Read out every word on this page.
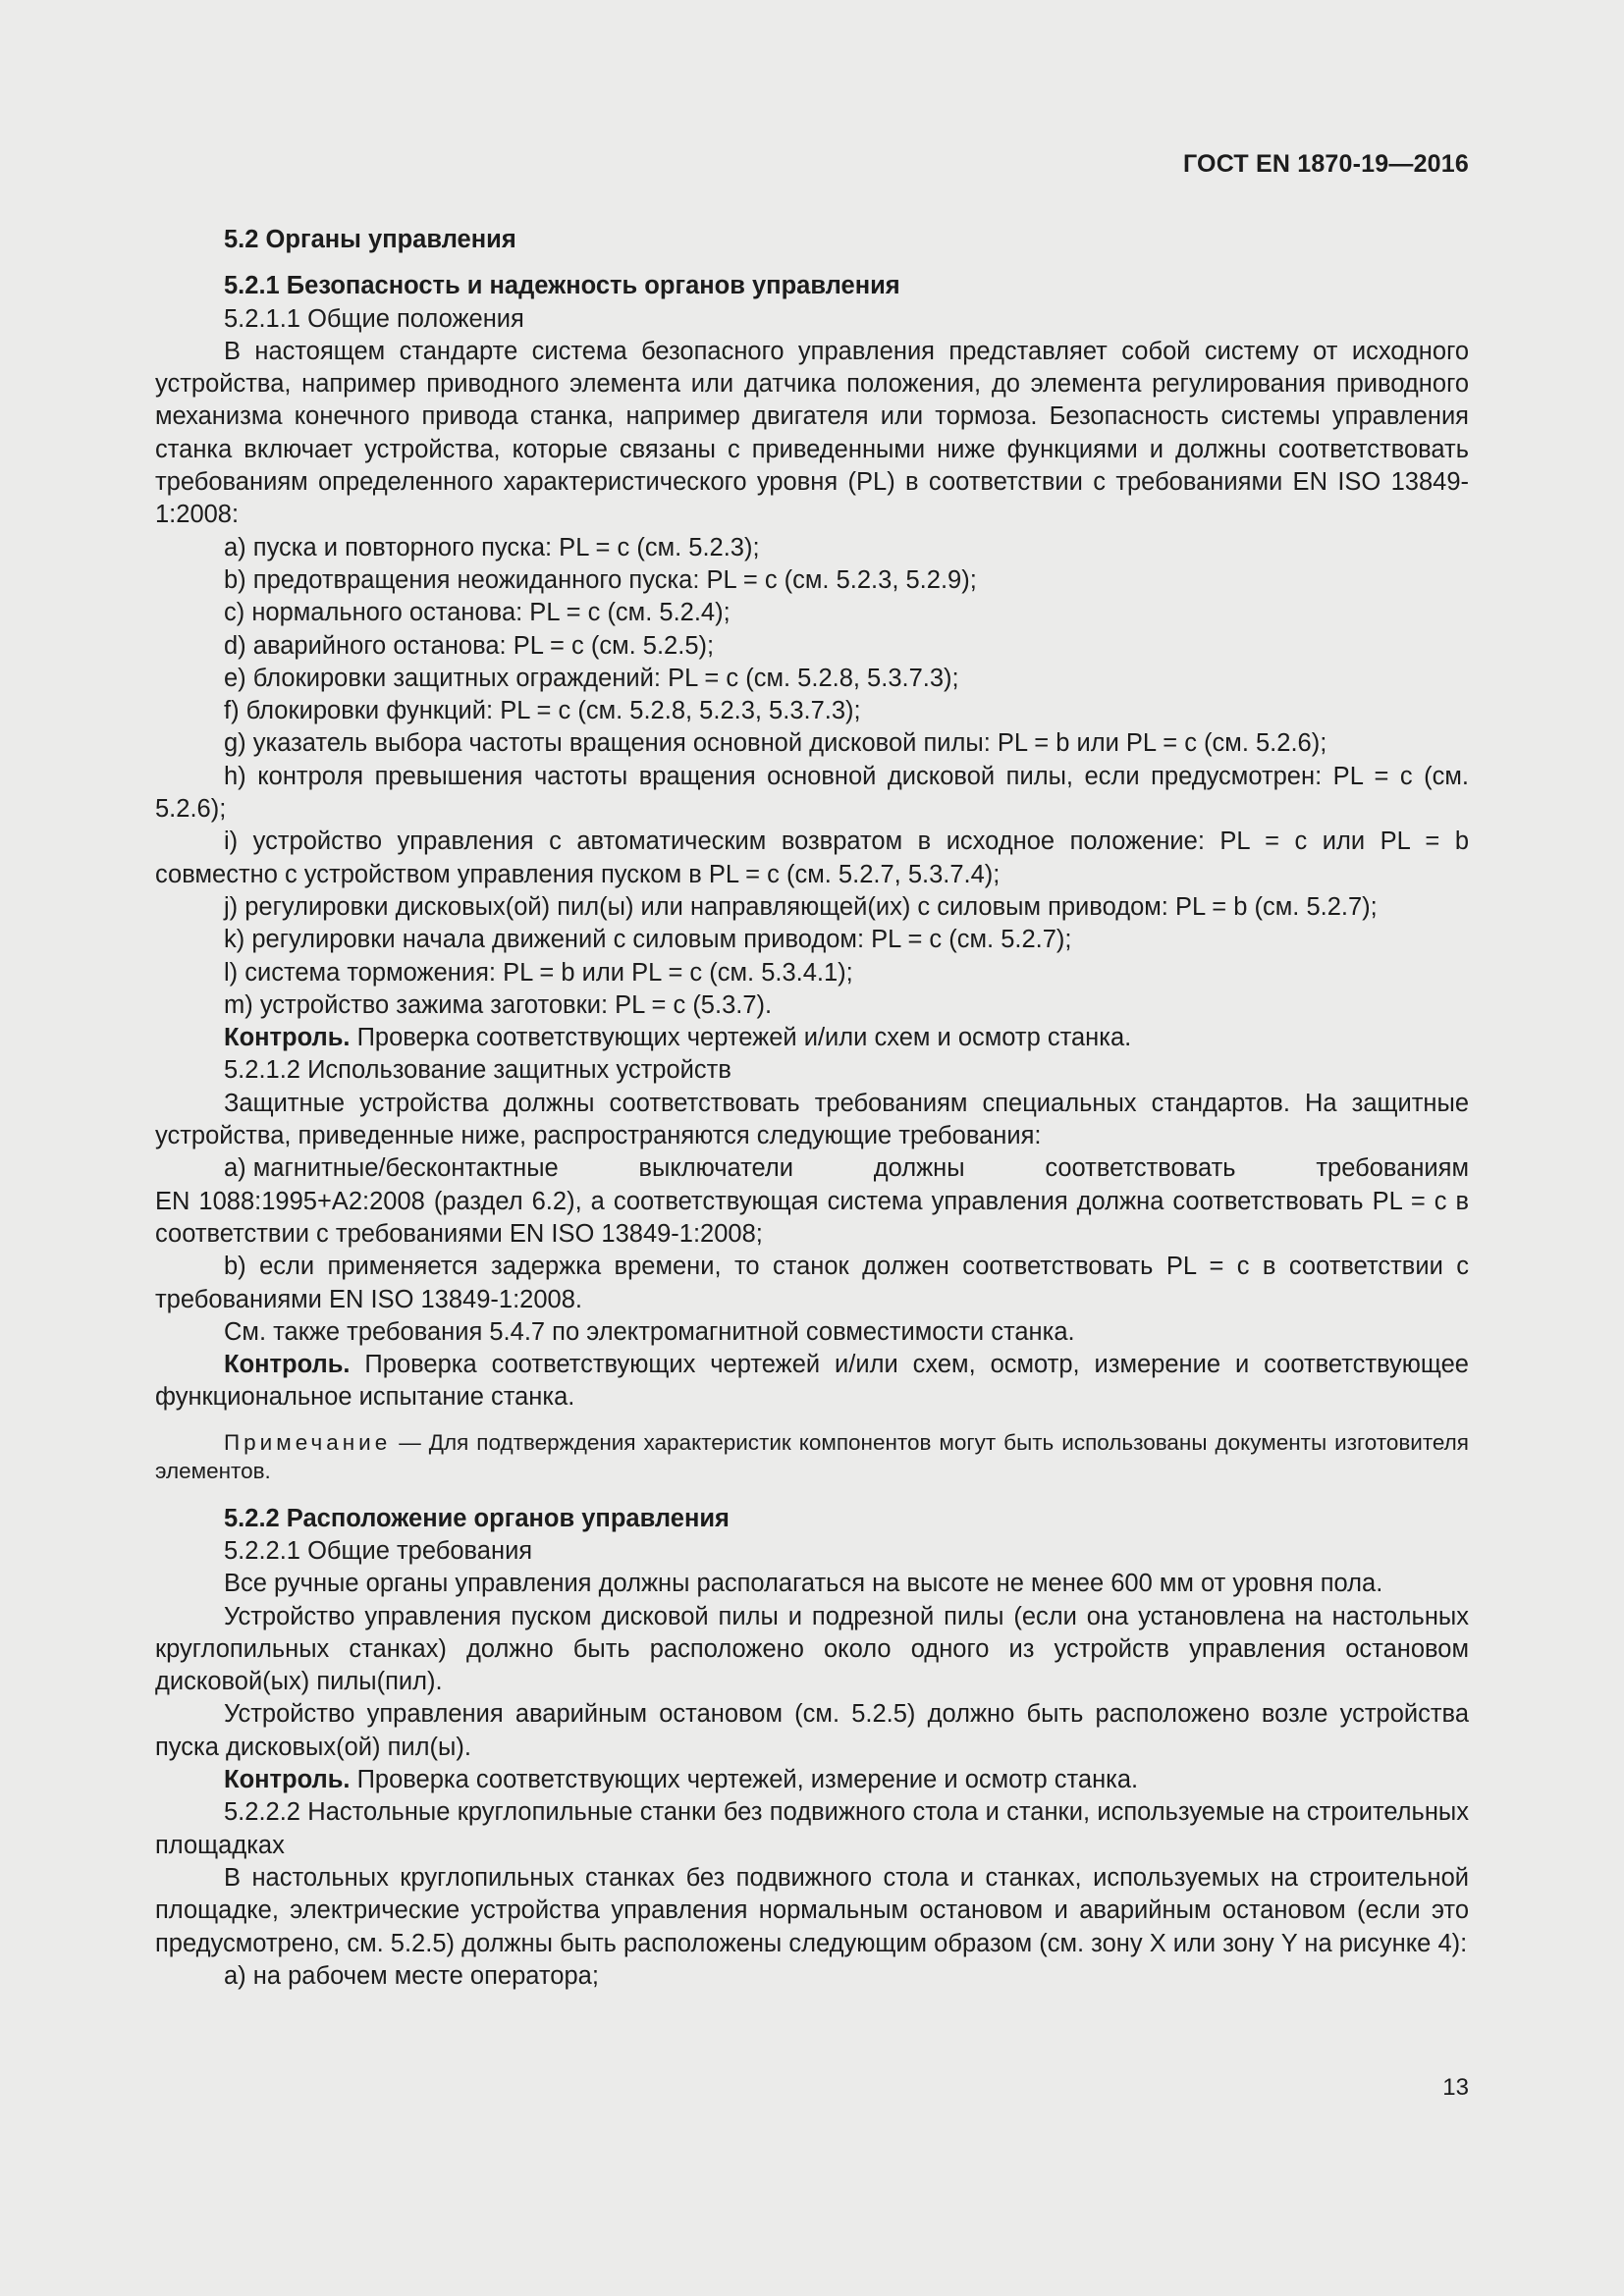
ГОСТ EN 1870-19—2016

5.2 Органы управления

5.2.1 Безопасность и надежность органов управления

5.2.1.1 Общие положения

В настоящем стандарте система безопасного управления представляет собой систему от исходного устройства, например приводного элемента или датчика положения, до элемента регулирования приводного механизма конечного привода станка, например двигателя или тормоза. Безопасность системы управления станка включает устройства, которые связаны с приведенными ниже функциями и должны соответствовать требованиям определенного характеристического уровня (PL) в соответствии с требованиями EN ISO 13849-1:2008:

а) пуска и повторного пуска: PL = c (см. 5.2.3);

b) предотвращения неожиданного пуска: PL = c (см. 5.2.3, 5.2.9);

c) нормального останова: PL = c (см. 5.2.4);

d) аварийного останова: PL = c (см. 5.2.5);

e) блокировки защитных ограждений: PL = c (см. 5.2.8, 5.3.7.3);

f) блокировки функций: PL = c (см. 5.2.8, 5.2.3, 5.3.7.3);

g) указатель выбора частоты вращения основной дисковой пилы: PL = b или PL = c (см. 5.2.6);

h) контроля превышения частоты вращения основной дисковой пилы, если предусмотрен: PL = c (см. 5.2.6);

i) устройство управления с автоматическим возвратом в исходное положение: PL = c или PL = b совместно с устройством управления пуском в PL = c (см. 5.2.7, 5.3.7.4);

j) регулировки дисковых(ой) пил(ы) или направляющей(их) с силовым приводом: PL = b (см. 5.2.7);

k) регулировки начала движений с силовым приводом: PL = c (см. 5.2.7);

l) система торможения: PL = b или PL = c (см. 5.3.4.1);

m) устройство зажима заготовки: PL = c (5.3.7).

Контроль. Проверка соответствующих чертежей и/или схем и осмотр станка.

5.2.1.2 Использование защитных устройств

Защитные устройства должны соответствовать требованиям специальных стандартов. На защитные устройства, приведенные ниже, распространяются следующие требования:

а) магнитные/бесконтактные	выключатели	должны	соответствовать	требованиям

EN 1088:1995+A2:2008 (раздел 6.2), а соответствующая система управления должна соответствовать PL = c в соответствии с требованиями EN ISO 13849-1:2008;

b) если применяется задержка времени, то станок должен соответствовать PL = c в соответствии с требованиями EN ISO 13849-1:2008.

См. также требования 5.4.7 по электромагнитной совместимости станка.

Контроль. Проверка соответствующих чертежей и/или схем, осмотр, измерение и соответствующее функциональное испытание станка.

Примечание — Для подтверждения характеристик компонентов могут быть использованы документы изготовителя элементов.

5.2.2 Расположение органов управления

5.2.2.1 Общие требования

Все ручные органы управления должны располагаться на высоте не менее 600 мм от уровня пола.

Устройство управления пуском дисковой пилы и подрезной пилы (если она установлена на настольных круглопильных станках) должно быть расположено около одного из устройств управления остановом дисковой(ых) пилы(пил).

Устройство управления аварийным остановом (см. 5.2.5) должно быть расположено возле устройства пуска дисковых(ой) пил(ы).

Контроль. Проверка соответствующих чертежей, измерение и осмотр станка.

5.2.2.2 Настольные круглопильные станки без подвижного стола и станки, используемые на строительных площадках

В настольных круглопильных станках без подвижного стола и станках, используемых на строительной площадке, электрические устройства управления нормальным остановом и аварийным остановом (если это предусмотрено, см. 5.2.5) должны быть расположены следующим образом (см. зону X или зону Y на рисунке 4):

а) на рабочем месте оператора;

13
